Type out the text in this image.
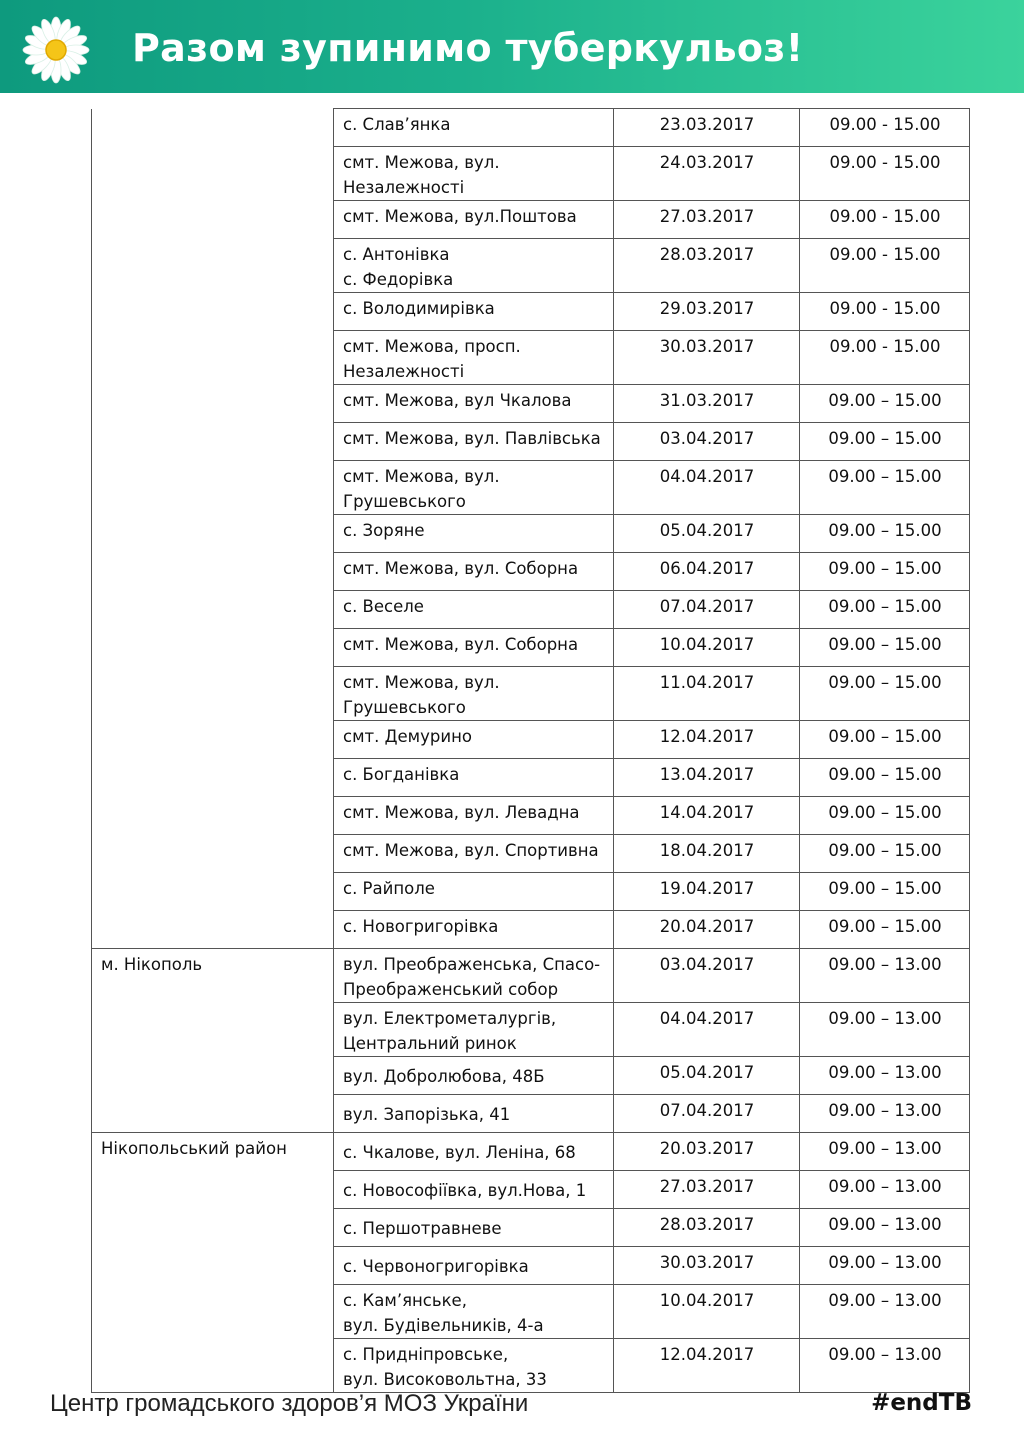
Разом зупинимо туберкульоз!
	с. Слав’янка	23.03.2017	09.00 - 15.00
	смт. Межова, вул.
Незалежності	24.03.2017	09.00 - 15.00
	смт. Межова, вул.Поштова	27.03.2017	09.00 - 15.00
	с. Антонівка
с. Федорівка	28.03.2017	09.00 - 15.00
	с. Володимирівка	29.03.2017	09.00 - 15.00
	смт. Межова, просп.
Незалежності	30.03.2017	09.00 - 15.00
	смт. Межова, вул Чкалова	31.03.2017	09.00 – 15.00
	смт. Межова, вул. Павлівська	03.04.2017	09.00 – 15.00
	смт. Межова, вул.
Грушевського	04.04.2017	09.00 – 15.00
	с. Зоряне	05.04.2017	09.00 – 15.00
	смт. Межова, вул. Соборна	06.04.2017	09.00 – 15.00
	с. Веселе	07.04.2017	09.00 – 15.00
	смт. Межова, вул. Соборна	10.04.2017	09.00 – 15.00
	смт. Межова, вул.
Грушевського	11.04.2017	09.00 – 15.00
	смт. Демурино	12.04.2017	09.00 – 15.00
	с. Богданівка	13.04.2017	09.00 – 15.00
	смт. Межова, вул. Левадна	14.04.2017	09.00 – 15.00
	смт. Межова, вул. Спортивна	18.04.2017	09.00 – 15.00
	с. Райполе	19.04.2017	09.00 – 15.00
	с. Новогригорівка	20.04.2017	09.00 – 15.00
м. Нікополь	вул. Преображенська, Спасо-
Преображенський собор	03.04.2017	09.00 – 13.00
	вул. Електрометалургів,
Центральний ринок	04.04.2017	09.00 – 13.00

	вул. Добролюбова, 48Б	05.04.2017	09.00 – 13.00

	вул. Запорізька, 41	07.04.2017	09.00 – 13.00
Нікопольський район	с. Чкалове, вул. Леніна, 68	20.03.2017	09.00 – 13.00

	с. Новософіївка, вул.Нова, 1	27.03.2017	09.00 – 13.00

	с. Першотравневе	28.03.2017	09.00 – 13.00

	с. Червоногригорівка	30.03.2017	09.00 – 13.00
	с. Кам’янське,
вул. Будівельників, 4-а	10.04.2017	09.00 – 13.00
	с. Придніпровське,
вул. Високовольтна, 33	12.04.2017	09.00 – 13.00
Центр громадського здоров’я МОЗ України	#endTB
